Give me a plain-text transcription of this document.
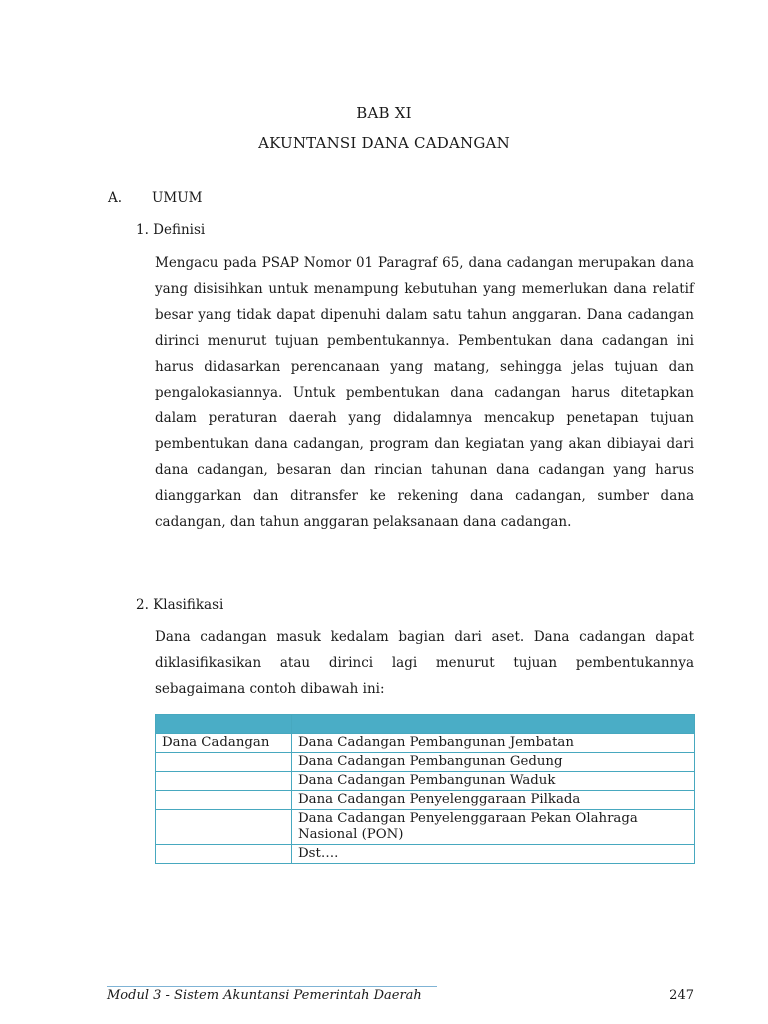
BAB XI
AKUNTANSI DANA CADANGAN
A. UMUM
1. Definisi

Mengacu pada PSAP Nomor 01 Paragraf 65, dana cadangan merupakan dana yang disisihkan untuk menampung kebutuhan yang memerlukan dana relatif besar yang tidak dapat dipenuhi dalam satu tahun anggaran. Dana cadangan dirinci menurut tujuan pembentukannya. Pembentukan dana cadangan ini harus didasarkan perencanaan yang matang, sehingga jelas tujuan dan pengalokasiannya. Untuk pembentukan dana cadangan harus ditetapkan dalam peraturan daerah yang didalamnya mencakup penetapan tujuan pembentukan dana cadangan, program dan kegiatan yang akan dibiayai dari dana cadangan, besaran dan rincian tahunan dana cadangan yang harus dianggarkan dan ditransfer ke rekening dana cadangan, sumber dana cadangan, dan tahun anggaran pelaksanaan dana cadangan.

2. Klasifikasi

Dana cadangan masuk kedalam bagian dari aset. Dana cadangan dapat diklasifikasikan atau dirinci lagi menurut tujuan pembentukannya sebagaimana contoh dibawah ini:

Dana Cadangan	Dana Cadangan Pembangunan Jembatan
	Dana Cadangan Pembangunan Gedung
	Dana Cadangan Pembangunan Waduk
	Dana Cadangan Penyelenggaraan Pilkada
	Dana Cadangan Penyelenggaraan Pekan Olahraga Nasional (PON)
	Dst….
Modul 3 - Sistem Akuntansi Pemerintah Daerah	247
